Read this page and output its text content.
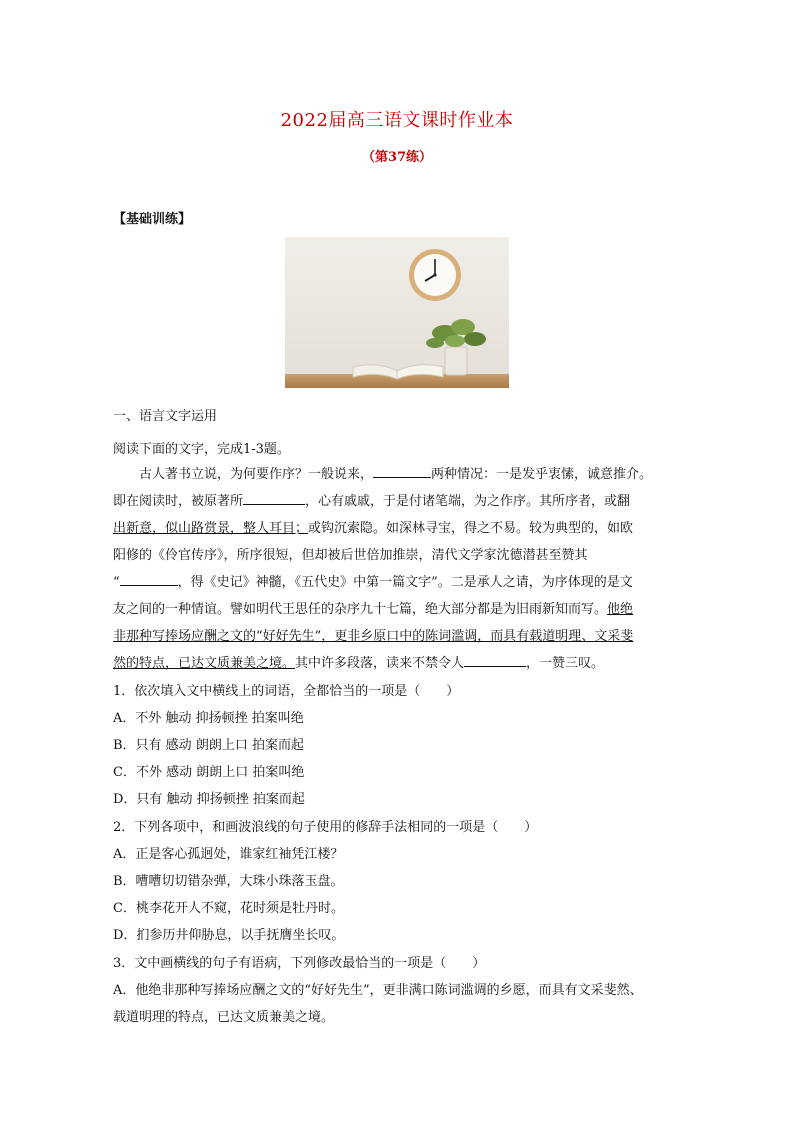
2022届高三语文课时作业本
（第37练）
【基础训练】
一、语言文字运用
阅读下面的文字，完成1-3题。
古人著书立说，为何要作序？一般说来，	两种情况：一是发乎衷愫，诚意推介。
即在阅读时，被原著所	，心有戚戚，于是付诸笔端，为之作序。其所序者，或翻
出新意，似山路赏景，整人耳目；或钩沉索隐。如深林寻宝，得之不易。较为典型的，如欧
阳修的《伶官传序》，所序很短，但却被后世倍加推崇，清代文学家沈德潜甚至赞其
“	，得《史记》神髓，《五代史》中第一篇文字”。二是承人之请，为序体现的是文
友之间的一种情谊。譬如明代王思任的杂序九十七篇，绝大部分都是为旧雨新知而写。他绝
非那种写捧场应酬之文的“好好先生”，更非乡原口中的陈词滥调，而具有载道明理、文采斐
然的特点，已达文质兼美之境。其中许多段落，读来不禁令人	，一赞三叹。
1．依次填入文中横线上的词语，全都恰当的一项是（　　）
A．不外 触动 抑扬顿挫 拍案叫绝
B．只有 感动 朗朗上口 拍案而起
C．不外 感动 朗朗上口 拍案叫绝
D．只有 触动 抑扬顿挫 拍案而起
2．下列各项中，和画波浪线的句子使用的修辞手法相同的一项是（　　）
A．正是客心孤迥处，谁家红袖凭江楼？
B．嘈嘈切切错杂弹，大珠小珠落玉盘。
C．桃李花开人不窥，花时须是牡丹时。
D．扪参历井仰胁息，以手抚膺坐长叹。
3．文中画横线的句子有语病，下列修改最恰当的一项是（　　）
A．他绝非那种写捧场应酬之文的“好好先生”，更非满口陈词滥调的乡愿，而具有文采斐然、
载道明理的特点，已达文质兼美之境。
